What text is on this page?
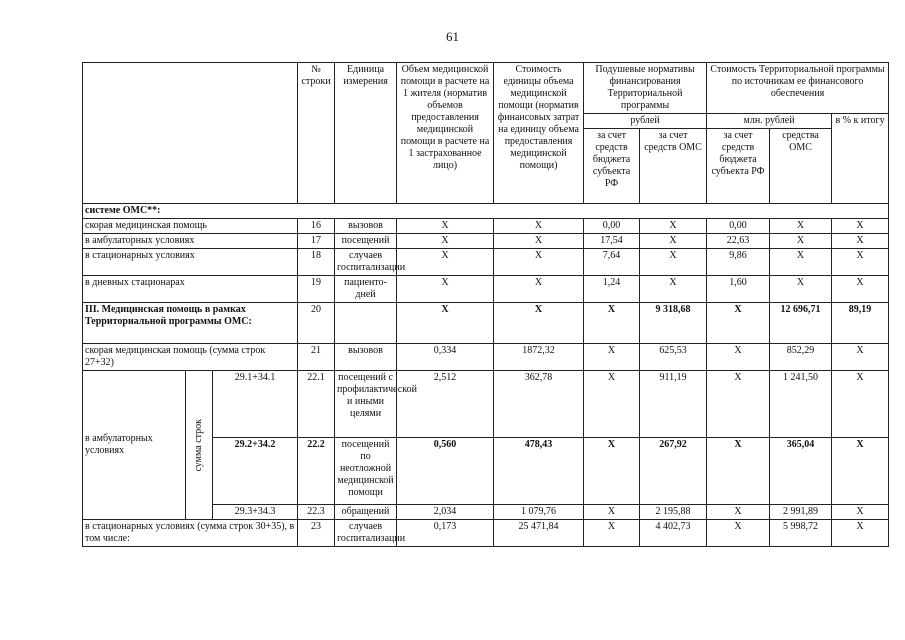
61
			№ строки	Единица измерения	Объем медицинской помощи в расчете на 1 жителя (норматив объемов предоставления медицинской помощи в расчете на 1 застрахованное лицо)	Стоимость единицы объема медицинской помощи (норматив финансовых затрат на единицу объема предоставления медицинской помощи)	Подушевые нормативы финансирования Территориальной программы		Стоимость Территориальной программы по источникам ее финансового обеспечения		
							рублей		млн. рублей		в % к итогу
							за счет средств бюджета субъекта РФ	за счет средств ОМС	за счет средств бюджета субъекта РФ	средства ОМС	
системе ОМС**:											
скорая медицинская помощь			16	вызовов	X	X	0,00	X	0,00	X	X
в амбулаторных условиях			17	посещений	X	X	17,54	X	22,63	X	X
в стационарных условиях			18	случаев госпитализации	X	X	7,64	X	9,86	X	X
в дневных стационарах			19	пациенто-дней	X	X	1,24	X	1,60	X	X
III. Медицинская помощь в рамках Территориальной программы ОМС:			20		X	X	X	9 318,68	X	12 696,71	89,19
скорая медицинская помощь (сумма строк 27+32)			21	вызовов	0,334	1872,32	X	625,53	X	852,29	X
в амбулаторных условиях	сумма строк	29.1+34.1	22.1	посещений с профилактической и иными целями	2,512	362,78	X	911,19	X	1 241,50	X
		29.2+34.2	22.2	посещений по неотложной медицинской помощи	0,560	478,43	X	267,92	X	365,04	X
		29.3+34.3	22.3	обращений	2,034	1 079,76	X	2 195,88	X	2 991,89	X
в стационарных условиях (сумма строк 30+35), в том числе:			23	случаев госпитализации	0,173	25 471,84	X	4 402,73	X	5 998,72	X
